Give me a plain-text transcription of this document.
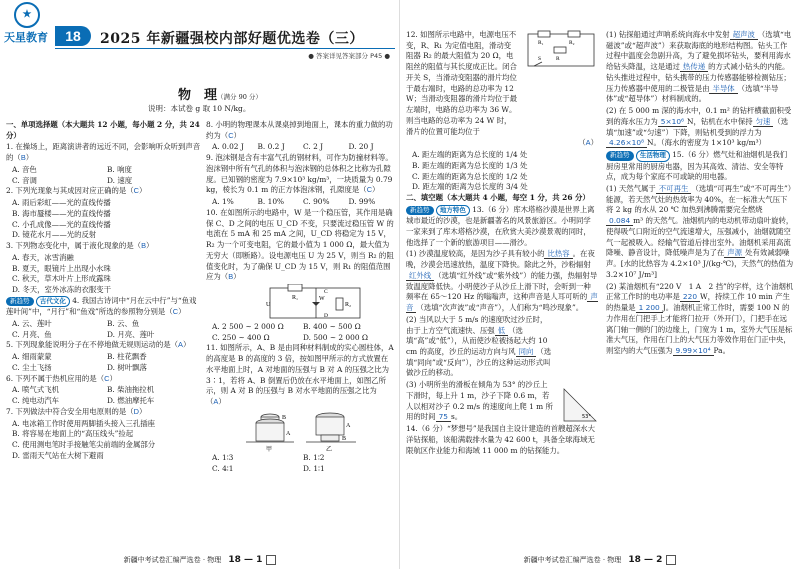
★
天星教育	18	2025 年新疆强校内部好题优选卷（三）
● 答案详见答案部分 P45 ●
物　理（满分 90 分）
说明：本试卷 g 取 10 N/kg。

一、单项选择题（本大题共 12 小题，每小题 2 分，共 24 分）

1. 在操场上，距离演讲者的远近不同，会影响听众听到声音的（B）

A. 音色	B. 响度
C. 音调	D. 速度

2. 下列光现象与其成因对应正确的是（C）

A. 雨后彩虹——光的直线传播
B. 海市蜃楼——光的直线传播
C. 小孔成像——光的直线传播
D. 镜花水月——光的反射

3. 下列物态变化中，属于液化现象的是（B）

A. 春天，冰雪消融
B. 夏天，眼镜片上出现小水珠
C. 秋天，草木叶片上形成露珠
D. 冬天，室外冰冻的衣服变干

新趋势 古代文化 4. 我国古诗词中“月在云中行”与“鱼戏莲叶间”中，“月行”和“鱼戏”所选的参照物分别是（C）

A. 云、莲叶	B. 云、鱼
C. 月亮、鱼	D. 月亮、莲叶

5. 下列现象能说明分子在不停地做无规则运动的是（A）

A. 细雨蒙蒙	B. 柱花飘香
C. 尘土飞扬	D. 树叶飘落

6. 下列不属于热机应用的是（C）

A. 喷气式飞机	B. 柴油拖拉机
C. 纯电动汽车	D. 燃油摩托车

7. 下列做法中符合安全用电原则的是（D）

A. 电冰箱工作时使用两脚插头接入三孔插座
B. 将容易在地面上的“高压线头”捡起
C. 使用测电笔时手接触笔尖前端的金属部分
D. 雷雨天气站在大树下避雨

8. 小明的物理课本从课桌掉到地面上，课本的重力做的功约为（C）

A. 0.02 J	B. 0.2 J	C. 2 J	D. 20 J

9. 泡沫钢是含有丰富气孔的钢材料，可作为防撞材料等。泡沫钢中所有气孔的体积与泡沫钢的总体积之比称为孔隙度。已知钢的密度为 7.9×10³ kg/m³，一块质量为 0.79 kg，棱长为 0.1 m 的正方体泡沫钢，孔隙度是（C）

A. 1%	B. 10%	C. 90%	D. 99%

10. 在如图所示的电路中，W 是一个稳压管，其作用是确保 C、D 之间的电压 U_CD 不变，只要流过稳压管 W 的电流在 5 mA 和 25 mA 之间，U_CD 将稳定为 15 V，R₂ 为一个可变电阻，它的最小值为 1 000 Ω，最大值为无穷大（即断路）。设电源电压 U 为 25 V，则当 R₂ 的阻值变化时，为了确保 U_CD 为 15 V，则 R₁ 的阻值范围应为（B）

R₁	W
R₂
C
D
U
A. 2 500 ~ 2 000 Ω	B. 400 ~ 500 Ω
C. 250 ~ 400 Ω	D. 500 ~ 2 000 Ω

11. 如图所示，A、B 是由同种材料制成的实心圆柱体，A 的高度是 B 的高度的 3 倍，按如图甲所示的方式放置在水平地面上时，A 对地面的压强与 B 对 A 的压强之比为 3∶1，若将 A、B 倒置后仍放在水平地面上，如图乙所示，则 A 对 B 的压强与 B 对水平地面的压强之比为（A）

B
A
甲
A
B
乙
A. 1∶3	B. 1∶2
C. 4∶1	D. 1∶1
新疆中考试卷汇编严选卷 · 物理　 18 — 1

12. 如图所示电路中，电源电压不变，R、R₁ 为定值电阻，滑动变阻器 R₂ 的最大阻值为 20 Ω，电阻丝的阻值与其长度成正比。闭合开关 S，当滑动变阻器的滑片均位于最右端时，电路的总功率为 12 W；当滑动变阻器的滑片均位于最左端时，电路的总功率为 36 W。则当电路的总功率为 24 W 时，滑片的位置可能均位于

R₁	R₂
R
S

（A）

A. 距左端的距离为总长度的 1/4 处
B. 距左端的距离为总长度的 1/3 处
C. 距左端的距离为总长度的 1/2 处
D. 距左端的距离为总长度的 3/4 处

二、填空题（本大题共 4 小题，每空 1 分，共 26 分）

新趋势 地方特色 13.（6 分）库木塔格沙漠是世界上离城市最近的沙漠，也是新疆著名的风景旅游区。小明同学一家来到了库木塔格沙漠，在欣赏大美沙漠景观的同时，他选择了一个新的旅游项目——滑沙。

(1) 沙漠温度较高，是因为沙子具有较小的 比热容 。在夜晚，沙漠会迅速放热，温度下降快。除此之外，沙粉辐射红外线 （选填“红外线”或“紫外线”）的能力强，热辐射导致温度降低快。小明使沙子从沙丘上滑下时，会听到一种频率在 65～120 Hz 的嗡嗡声，这种声音是人耳可听的 声音 （选填“次声波”或“声音”），人们称为“鸣沙现象”。

(2) 当风以大于 5 m/s 的速度吹过沙丘时，由于上方空气流速快、压强 低 （选填“高”或“低”），从而使沙粒被扬起大约 10 cm 的高度，沙丘的运动方向与风 同向 （选填“同向”或“反向”），沙丘的这种运动形式叫做沙丘的移动。

(3) 小明所坐的滑板在倾角为 53° 的沙丘上下滑时，每上升 1 m，沙子下降 0.6 m，若人以相对沙子 0.2 m/s 的速度向上爬 1 m 所用的时间 75 s。	53°

14.（6 分）“梦想号”是我国自主设计建造的首艘超深水大洋钻探船，该船满载排水量为 42 600 t，具备全球海域无限航区作业能力和海域 11 000 m 的钻探能力。

(1) 钻探船通过声呐系统向海水中发射 超声波 （选填“电磁波”或“超声波”）来获取海底的地形结构图。钻头工作过程中温度会急剧升高，为了避免损坏钻头，要利用海水给钻头降温，这是通过 热传递 的方式减小钻头的内能。钻头推进过程中，钻头携带的压力传感器能够检测钻压；压力传感器中使用的二极管是由 半导体 （选填“半导体”或“超导体”）材料制成的。

(2) 在 5 000 m 深的海水中，0.1 m² 的钻杆横截面积受到的海水压力为 5×10⁶ N，钻机在水中保持 匀速 （选填“加速”或“匀速”）下降，则钻机受到的浮力为4.26×10⁸ N。（海水的密度为 1×10³ kg/m³）

新趋势 生活物理 15.（6 分）燃气灶和油烟机是我们厨房里常用的厨房电器，因为其高效、清洁、安全等特点，成为每个家庭不可或缺的用电器。

(1) 天然气属于 不可再生 （选填“可再生”或“不可再生”）能源，若天然气灶的热效率为 40%，在一标准大气压下将 2 kg 的水从 20 ℃ 加热到沸腾需要完全燃烧0.084 m³ 的天然气。油烟机内的电动机带动扇叶旋转，使得吸气口附近的空气流速增大，压强减小，油烟就随空气一起被吸入。经输气管道后排出室外。油烟机采用高流降噪、静音设计，降低噪声是为了在 声源 处有效减弱噪声。[水的比热容为 4.2×10³ J/(kg·℃)，天然气的热值为 3.2×10⁷ J/m³]

(2) 某油烟机有“220 V　1 A　2 挡”的字样，这个油烟机正常工作时的电功率是 220 W，持续工作 10 min 产生的热量是 1 200 J。油烟机正常工作时，需要 100 N 的力作用在门把手上才能将门拉开（外开门），门把手在远离门轴一侧的门的边缘上，门宽为 1 m，室外大气压是标准大气压，作用在门上的大气压力等效作用在门正中央，则室内的大气压强为 9.99×10⁴ Pa。

新疆中考试卷汇编严选卷 · 物理　 18 — 2
